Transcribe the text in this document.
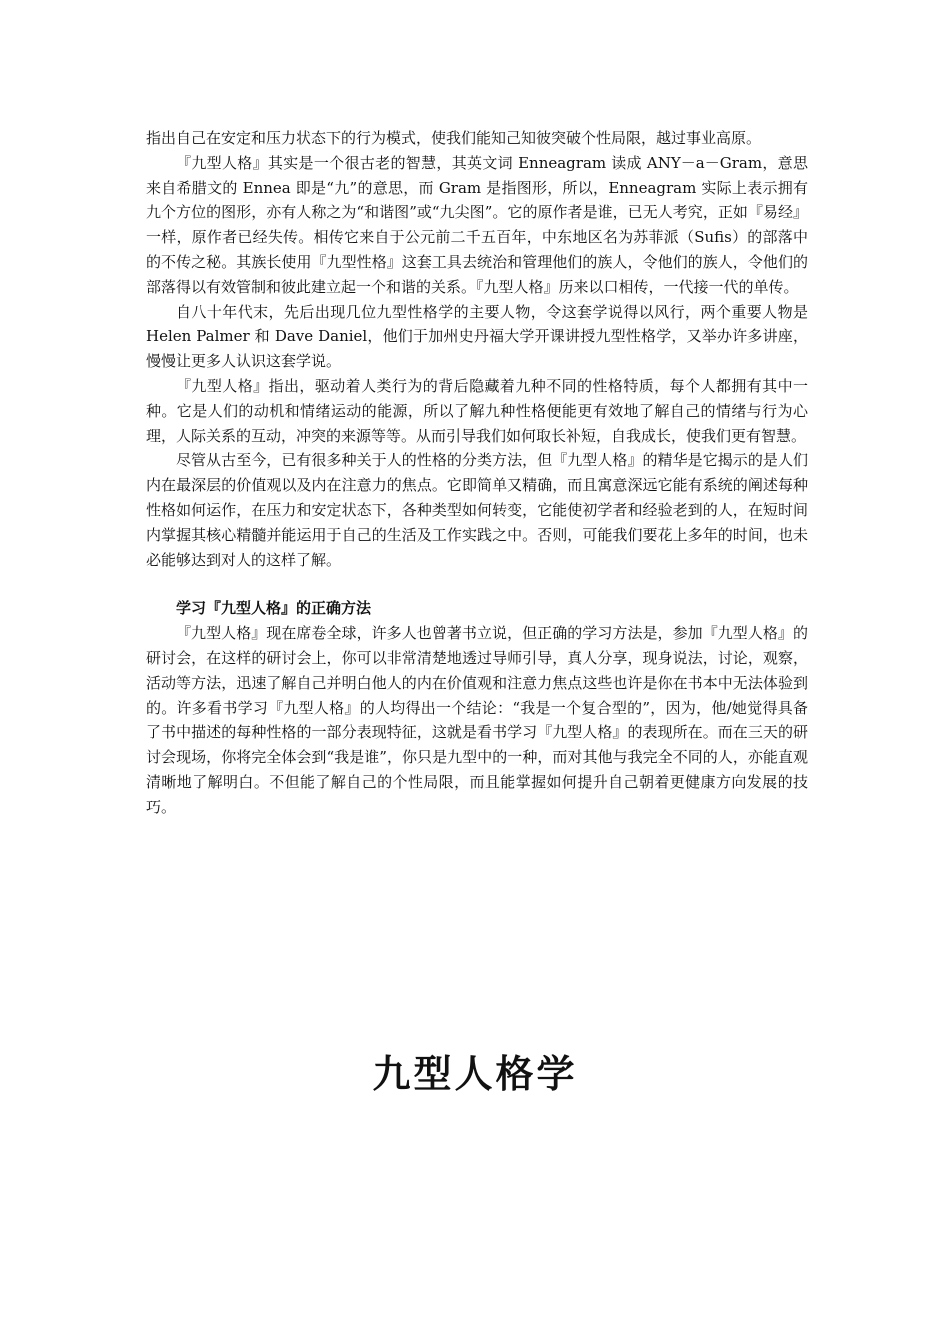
指出自己在安定和压力状态下的行为模式，使我们能知己知彼突破个性局限，越过事业高原。

『九型人格』其实是一个很古老的智慧，其英文词 Enneagram 读成 ANY－a－Gram，意思来自希腊文的 Ennea 即是“九”的意思，而 Gram 是指图形，所以，Enneagram 实际上表示拥有九个方位的图形，亦有人称之为“和谐图”或“九尖图”。它的原作者是谁，已无人考究，正如『易经』一样，原作者已经失传。相传它来自于公元前二千五百年，中东地区名为苏菲派（Sufis）的部落中的不传之秘。其族长使用『九型性格』这套工具去统治和管理他们的族人，令他们的族人，令他们的部落得以有效管制和彼此建立起一个和谐的关系。『九型人格』历来以口相传，一代接一代的单传。

自八十年代末，先后出现几位九型性格学的主要人物，令这套学说得以风行，两个重要人物是 Helen Palmer 和 Dave Daniel，他们于加州史丹福大学开课讲授九型性格学，又举办许多讲座，慢慢让更多人认识这套学说。

『九型人格』指出，驱动着人类行为的背后隐藏着九种不同的性格特质，每个人都拥有其中一种。它是人们的动机和情绪运动的能源，所以了解九种性格便能更有效地了解自己的情绪与行为心理，人际关系的互动，冲突的来源等等。从而引导我们如何取长补短，自我成长，使我们更有智慧。

尽管从古至今，已有很多种关于人的性格的分类方法，但『九型人格』的精华是它揭示的是人们内在最深层的价值观以及内在注意力的焦点。它即简单又精确，而且寓意深远它能有系统的阐述每种性格如何运作，在压力和安定状态下，各种类型如何转变，它能使初学者和经验老到的人，在短时间内掌握其核心精髓并能运用于自己的生活及工作实践之中。否则，可能我们要花上多年的时间，也未必能够达到对人的这样了解。

学习『九型人格』的正确方法

『九型人格』现在席卷全球，许多人也曾著书立说，但正确的学习方法是，参加『九型人格』的研讨会，在这样的研讨会上，你可以非常清楚地透过导师引导，真人分享，现身说法，讨论，观察，活动等方法，迅速了解自己并明白他人的内在价值观和注意力焦点这些也许是你在书本中无法体验到的。许多看书学习『九型人格』的人均得出一个结论：“我是一个复合型的”，因为，他/她觉得具备了书中描述的每种性格的一部分表现特征，这就是看书学习『九型人格』的表现所在。而在三天的研讨会现场，你将完全体会到“我是谁”，你只是九型中的一种，而对其他与我完全不同的人，亦能直观清晰地了解明白。不但能了解自己的个性局限，而且能掌握如何提升自己朝着更健康方向发展的技巧。

九型人格学
